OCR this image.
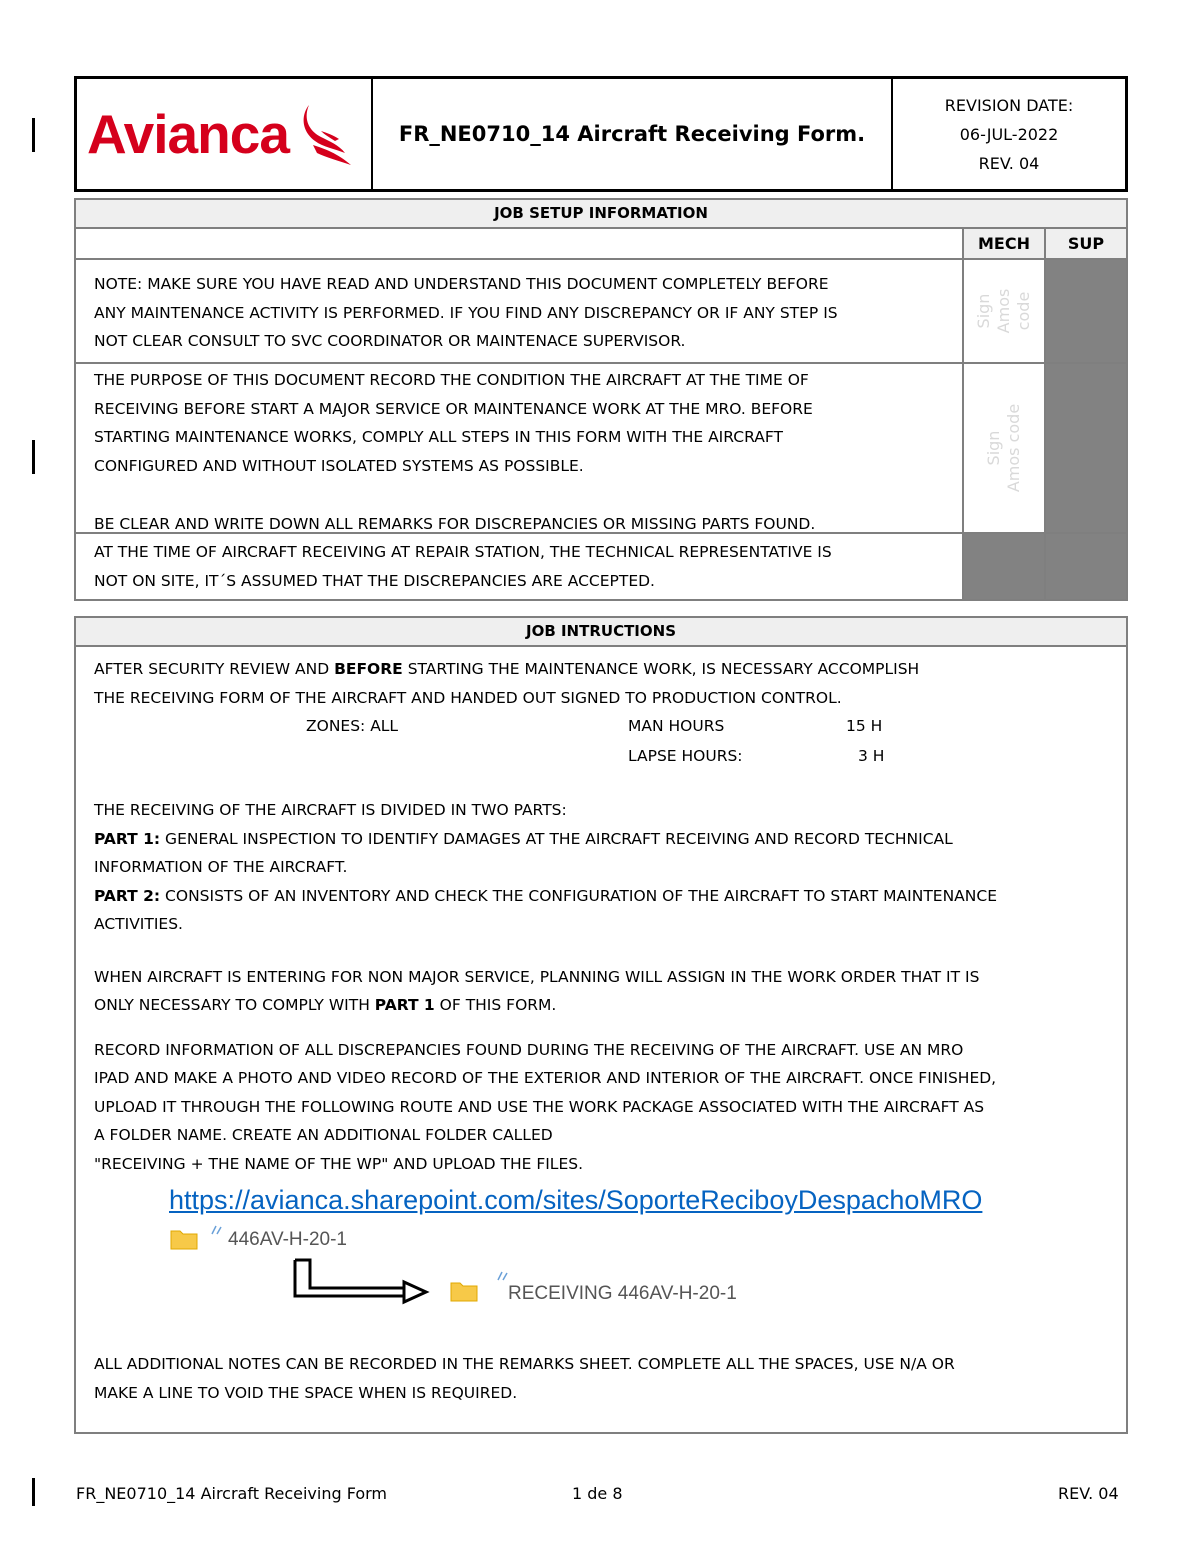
Avianca	FR_NE0710_14 Aircraft Receiving Form.
REVISION DATE:
06-JUL-2022
REV. 04
JOB SETUP INFORMATION
MECH	SUP
NOTE: MAKE SURE YOU HAVE READ AND UNDERSTAND THIS DOCUMENT COMPLETELY BEFORE
ANY MAINTENANCE ACTIVITY IS PERFORMED. IF YOU FIND ANY DISCREPANCY OR IF ANY STEP IS
NOT CLEAR CONSULT TO SVC COORDINATOR OR MAINTENACE SUPERVISOR.
Sign Amos code
THE PURPOSE OF THIS DOCUMENT RECORD THE CONDITION THE AIRCRAFT AT THE TIME OF
RECEIVING BEFORE START A MAJOR SERVICE OR MAINTENANCE WORK AT THE MRO. BEFORE
STARTING MAINTENANCE WORKS, COMPLY ALL STEPS IN THIS FORM WITH THE AIRCRAFT
CONFIGURED AND WITHOUT ISOLATED SYSTEMS AS POSSIBLE.
BE CLEAR AND WRITE DOWN ALL REMARKS FOR DISCREPANCIES OR MISSING PARTS FOUND.
Sign Amos code
AT THE TIME OF AIRCRAFT RECEIVING AT REPAIR STATION, THE TECHNICAL REPRESENTATIVE IS
NOT ON SITE, IT´S ASSUMED THAT THE DISCREPANCIES ARE ACCEPTED.
JOB INTRUCTIONS

AFTER SECURITY REVIEW AND BEFORE STARTING THE MAINTENANCE WORK, IS NECESSARY ACCOMPLISH

THE RECEIVING FORM OF THE AIRCRAFT AND HANDED OUT SIGNED TO PRODUCTION CONTROL.

ZONES: ALL	MAN HOURS	15 H
LAPSE HOURS:	3 H

THE RECEIVING OF THE AIRCRAFT IS DIVIDED IN TWO PARTS:

PART 1: GENERAL INSPECTION TO IDENTIFY DAMAGES AT THE AIRCRAFT RECEIVING AND RECORD TECHNICAL

INFORMATION OF THE AIRCRAFT.

PART 2: CONSISTS OF AN INVENTORY AND CHECK THE CONFIGURATION OF THE AIRCRAFT TO START MAINTENANCE

ACTIVITIES.

WHEN AIRCRAFT IS ENTERING FOR NON MAJOR SERVICE, PLANNING WILL ASSIGN IN THE WORK ORDER THAT IT IS

ONLY NECESSARY TO COMPLY WITH PART 1 OF THIS FORM.

RECORD INFORMATION OF ALL DISCREPANCIES FOUND DURING THE RECEIVING OF THE AIRCRAFT. USE AN MRO

IPAD AND MAKE A PHOTO AND VIDEO RECORD OF THE EXTERIOR AND INTERIOR OF THE AIRCRAFT. ONCE FINISHED,

UPLOAD IT THROUGH THE FOLLOWING ROUTE AND USE THE WORK PACKAGE ASSOCIATED WITH THE AIRCRAFT AS

A FOLDER NAME. CREATE AN ADDITIONAL FOLDER CALLED

"RECEIVING + THE NAME OF THE WP" AND UPLOAD THE FILES.

https://avianca.sharepoint.com/sites/SoporteReciboyDespachoMRO
446AV-H-20-1
RECEIVING 446AV-H-20-1

ALL ADDITIONAL NOTES CAN BE RECORDED IN THE REMARKS SHEET. COMPLETE ALL THE SPACES, USE N/A OR

MAKE A LINE TO VOID THE SPACE WHEN IS REQUIRED.

FR_NE0710_14 Aircraft Receiving Form	1 de 8	REV. 04
